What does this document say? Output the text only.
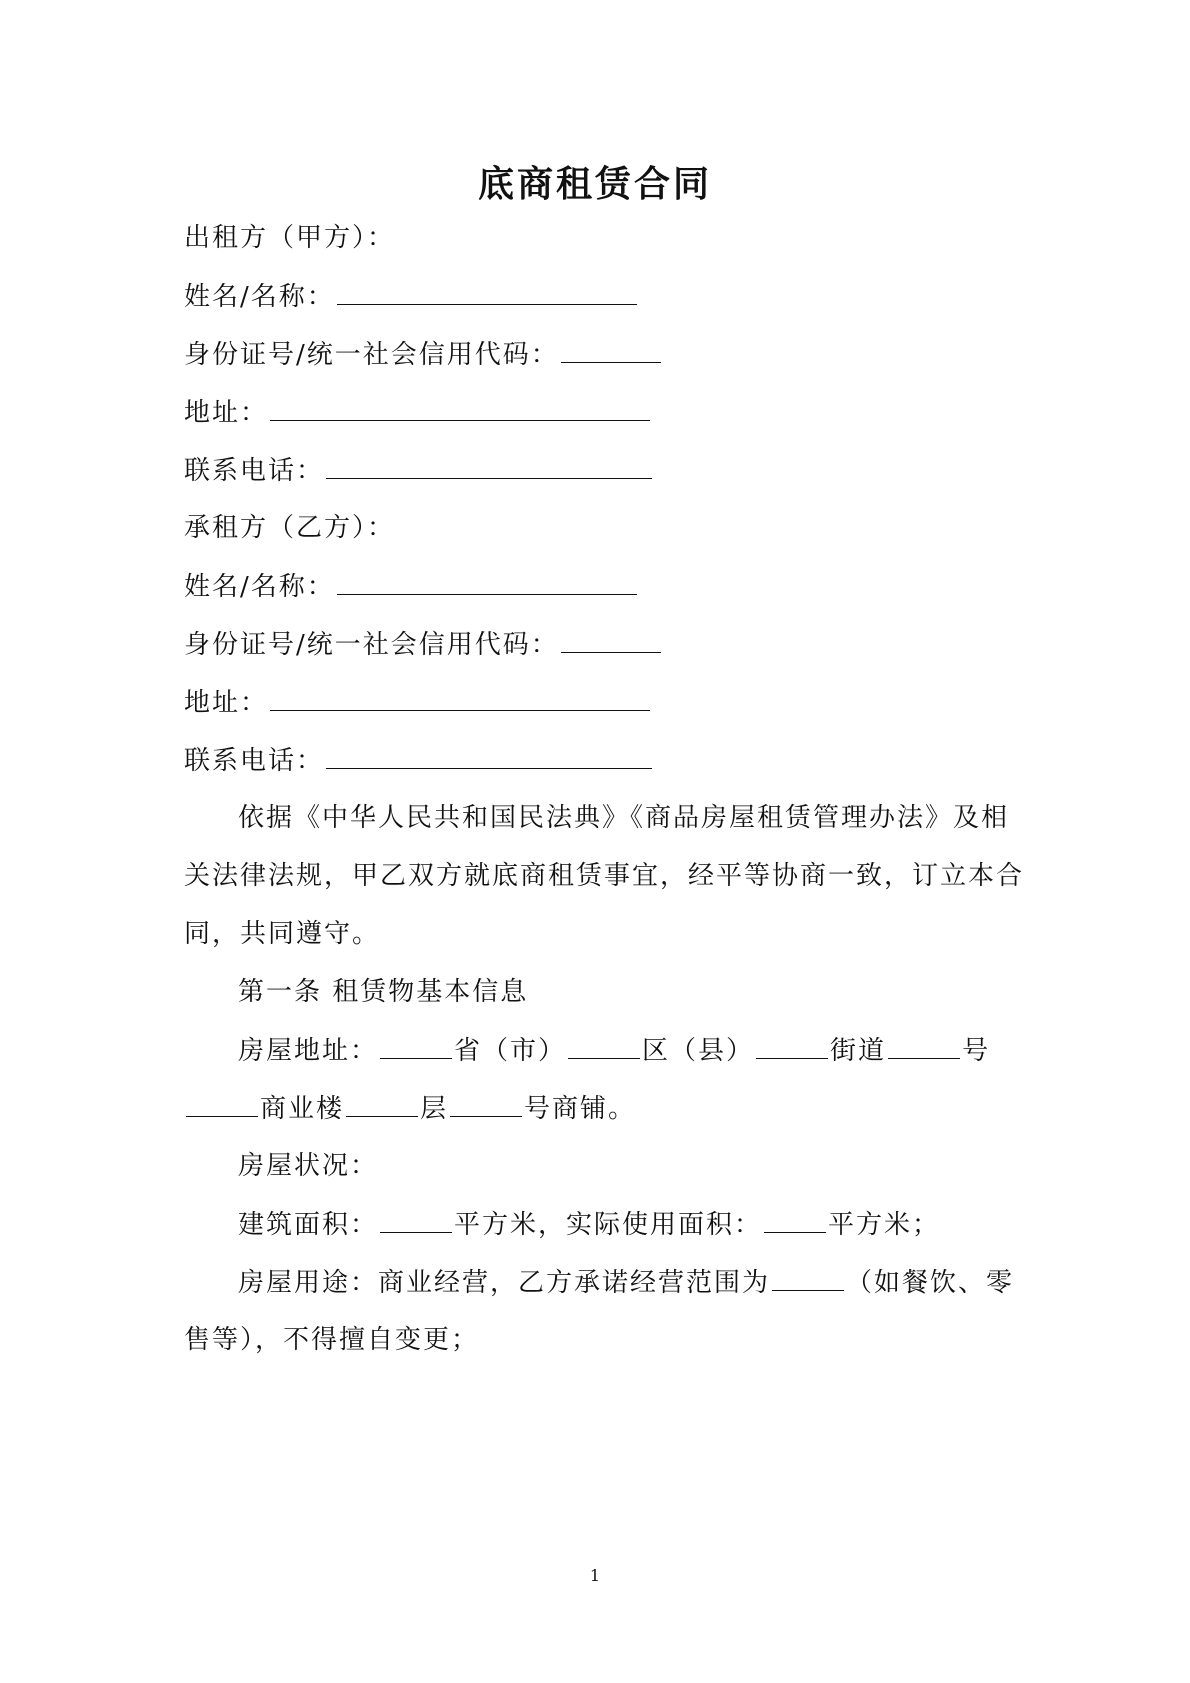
底商租赁合同
出租方（甲方）：
姓名/名称：
身份证号/统一社会信用代码：
地址：
联系电话：
承租方（乙方）：
姓名/名称：
身份证号/统一社会信用代码：
地址：
联系电话：
依据《中华人民共和国民法典》《商品房屋租赁管理办法》及相
关法律法规，甲乙双方就底商租赁事宜，经平等协商一致，订立本合
同，共同遵守。
第一条 租赁物基本信息
房屋地址：	省（市）	区（县）	街道	号
商业楼	层	号商铺。
房屋状况：
建筑面积：	平方米，实际使用面积：	平方米；
房屋用途：商业经营，乙方承诺经营范围为	（如餐饮、零
售等），不得擅自变更；
1
